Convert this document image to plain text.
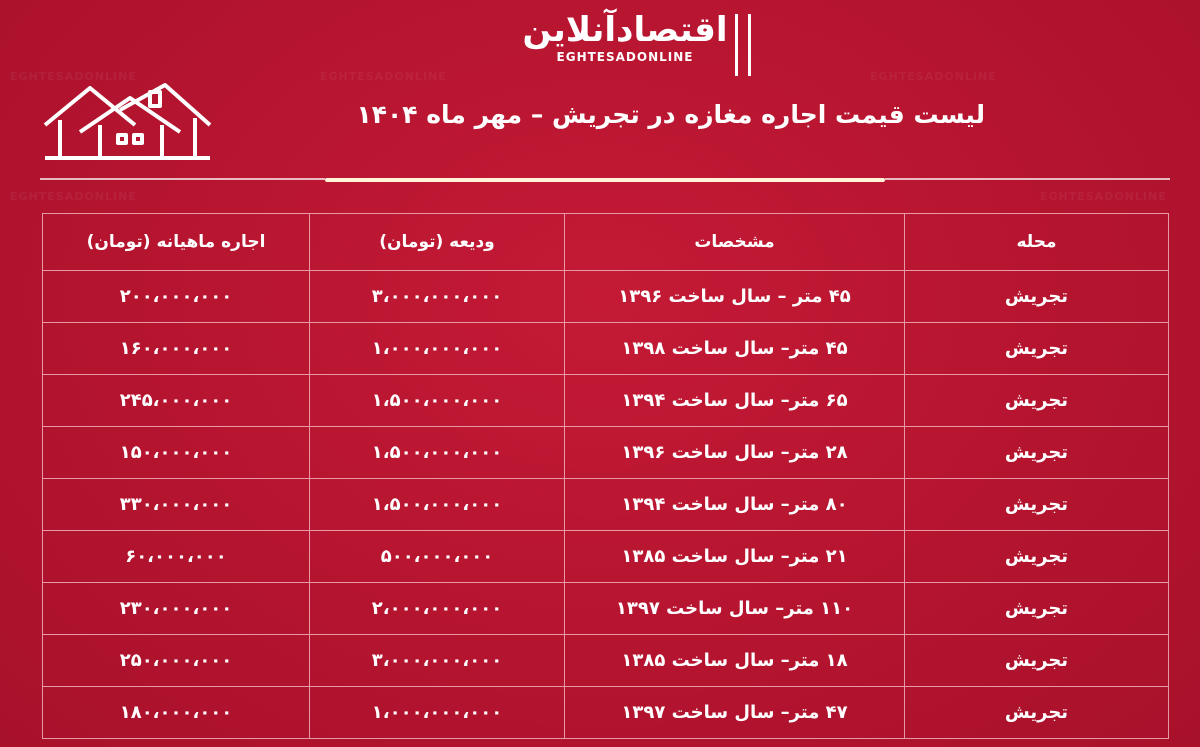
EGHTESADONLINE	EGHTESADONLINE	EGHTESADONLINE
EGHTESADONLINE	EGHTESADONLINE
اقتصادآنلاین
EGHTESADONLINE
لیست قیمت اجاره مغازه در تجریش – مهر ماه ۱۴۰۴
محله	مشخصات	ودیعه (تومان)	اجاره ماهیانه (تومان)
تجریش	۴۵ متر – سال ساخت ۱۳۹۶	۳،۰۰۰،۰۰۰،۰۰۰	۲۰۰،۰۰۰،۰۰۰
تجریش	۴۵ متر– سال ساخت ۱۳۹۸	۱،۰۰۰،۰۰۰،۰۰۰	۱۶۰،۰۰۰،۰۰۰
تجریش	۶۵ متر– سال ساخت ۱۳۹۴	۱،۵۰۰،۰۰۰،۰۰۰	۲۴۵،۰۰۰،۰۰۰
تجریش	۲۸ متر– سال ساخت ۱۳۹۶	۱،۵۰۰،۰۰۰،۰۰۰	۱۵۰،۰۰۰،۰۰۰
تجریش	۸۰ متر– سال ساخت ۱۳۹۴	۱،۵۰۰،۰۰۰،۰۰۰	۳۳۰،۰۰۰،۰۰۰
تجریش	۲۱ متر– سال ساخت ۱۳۸۵	۵۰۰،۰۰۰،۰۰۰	۶۰،۰۰۰،۰۰۰
تجریش	۱۱۰ متر– سال ساخت ۱۳۹۷	۲،۰۰۰،۰۰۰،۰۰۰	۲۳۰،۰۰۰،۰۰۰
تجریش	۱۸ متر– سال ساخت ۱۳۸۵	۳،۰۰۰،۰۰۰،۰۰۰	۲۵۰،۰۰۰،۰۰۰
تجریش	۴۷ متر– سال ساخت ۱۳۹۷	۱،۰۰۰،۰۰۰،۰۰۰	۱۸۰،۰۰۰،۰۰۰
